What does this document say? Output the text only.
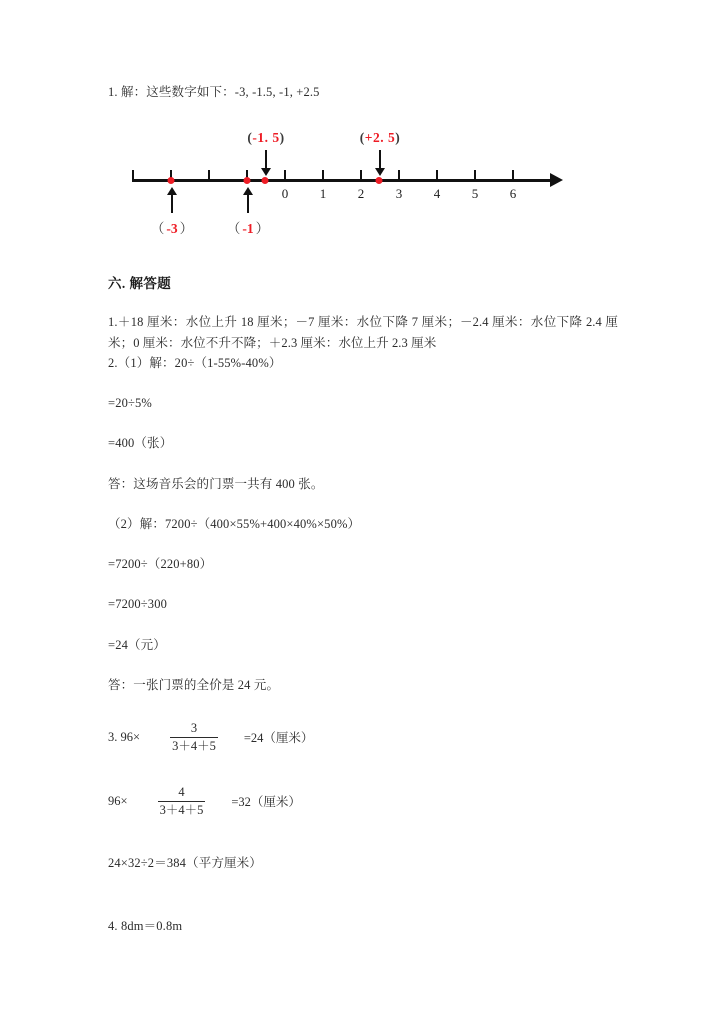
1. 解：这些数字如下：-3, -1.5, -1, +2.5
0 1 2 3 4 5 6
(-1. 5)	(+2. 5)
（ -3 ）	（ -1 ）
六. 解答题
1.＋18 厘米：水位上升 18 厘米；－7 厘米：水位下降 7 厘米；－2.4 厘米：水位下降 2.4 厘米；0 厘米：水位不升不降；＋2.3 厘米：水位上升 2.3 厘米
2.（1）解：20÷（1-55%-40%）
=20÷5%
=400（张）
答：这场音乐会的门票一共有 400 张。
（2）解：7200÷（400×55%+400×40%×50%）
=7200÷（220+80）
=7200÷300
=24（元）
答：一张门票的全价是 24 元。
3. $96\times \frac{3}{3+4+5} =24$（厘米）
$96\times \frac{4}{3+4+5} =32$（厘米）
24×32÷2＝384（平方厘米）
4. 8dm＝0.8m
